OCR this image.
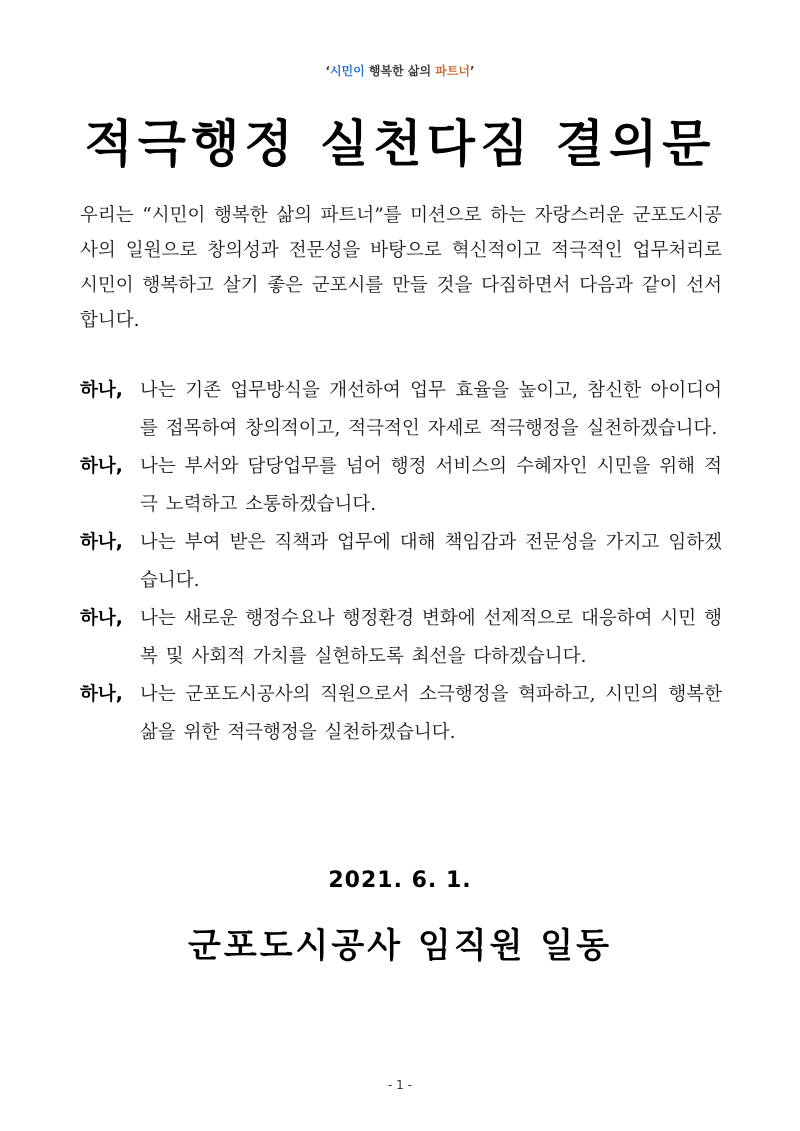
‘시민이 행복한 삶의 파트너’
적극행정 실천다짐 결의문
우리는 “시민이 행복한 삶의 파트너”를 미션으로 하는 자랑스러운 군포도시공사의 일원으로 창의성과 전문성을 바탕으로 혁신적이고 적극적인 업무처리로 시민이 행복하고 살기 좋은 군포시를 만들 것을 다짐하면서 다음과 같이 선서합니다.
하나, 나는 기존 업무방식을 개선하여 업무 효율을 높이고, 참신한 아이디어를 접목하여 창의적이고, 적극적인 자세로 적극행정을 실천하겠습니다.
하나, 나는 부서와 담당업무를 넘어 행정 서비스의 수혜자인 시민을 위해 적극 노력하고 소통하겠습니다.
하나, 나는 부여 받은 직책과 업무에 대해 책임감과 전문성을 가지고 임하겠습니다.
하나, 나는 새로운 행정수요나 행정환경 변화에 선제적으로 대응하여 시민 행복 및 사회적 가치를 실현하도록 최선을 다하겠습니다.
하나, 나는 군포도시공사의 직원으로서 소극행정을 혁파하고, 시민의 행복한 삶을 위한 적극행정을 실천하겠습니다.
2021. 6. 1.
군포도시공사 임직원 일동
- 1 -
